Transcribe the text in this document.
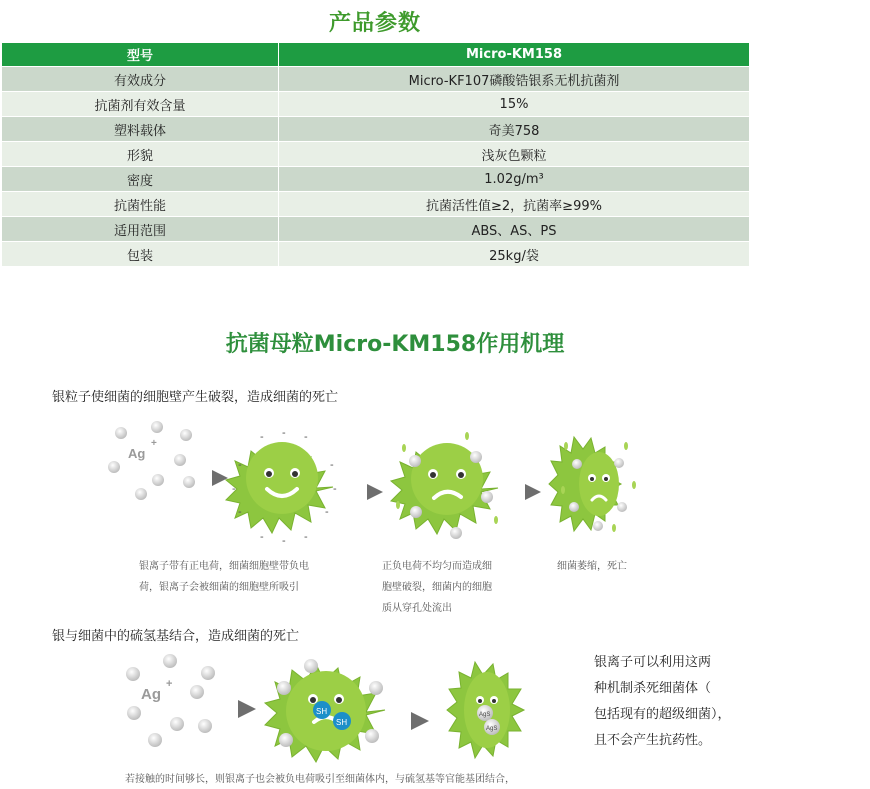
产品参数
型号	Micro-KM158
有效成分	Micro-KF107磷酸锆银系无机抗菌剂
抗菌剂有效含量	15%
塑料载体	奇美758
形貌	浅灰色颗粒
密度	1.02g/m³
抗菌性能	抗菌活性值≥2，抗菌率≥99%
适用范围	ABS、AS、PS
包装	25kg/袋
抗菌母粒Micro-KM158作用机理
银粒子使细菌的细胞壁产生破裂，造成细菌的死亡
Ag
+
- - -
-
-
-
-
-
-
-
-
-
Ag
+
SH
SH
AgS
AgS
银离子带有正电荷，细菌细胞壁带负电
荷，银离子会被细菌的细胞壁所吸引
正负电荷不均匀而造成细
胞壁破裂，细菌内的细胞
质从穿孔处流出
细菌萎缩，死亡
银与细菌中的硫氢基结合，造成细菌的死亡
银离子可以利用这两
种机制杀死细菌体（
包括现有的超级细菌），
且不会产生抗药性。
若接触的时间够长，则银离子也会被负电荷吸引至细菌体内，与硫氢基等官能基团结合，
